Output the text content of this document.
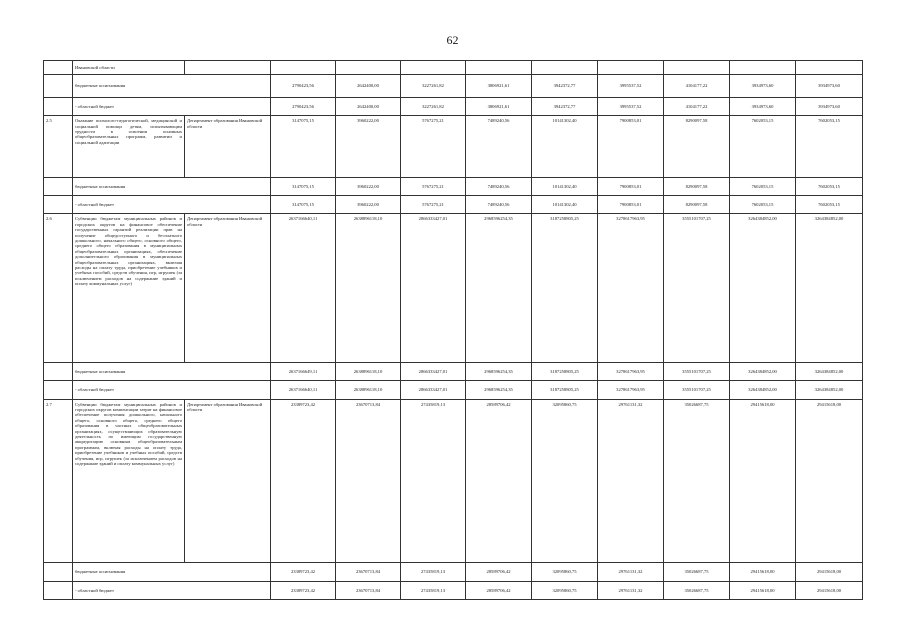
62
	Ивановской области										
	бюджетные ассигнования		2790423,56	2642400,00	3227261,82	3806921,61	3942372,77	3995537,52	4104177,22	3934973,60	3934973,60
	- областной бюджет		2790423,56	2642400,00	3227261,82	3806921,61	3942372,77	3995537,52	4104177,22	3934973,60	3934973,60
2.5	Оказание психолого-педагогической, медицинской и социальной помощи детям, испытывающим трудности в освоении основных общеобразовательных программ, развитии и социальной адаптации	Департамент образования Ивановской области	3147075,15	3960222,00	5767275,21	7489240,56	10141302,40	7900853,01	8290097,58	7602053,15	7602053,15
	бюджетные ассигнования		3147075,15	3960222,00	5767275,21	7489240,56	10141302,40	7900853,01	8290097,58	7602053,15	7602053,15
	- областной бюджет		3147075,15	3960222,00	5767275,21	7489240,56	10141302,40	7900853,01	8290097,58	7602053,15	7602053,15
2.6	Субвенции бюджетам муниципальных районов и городских округов на финансовое обеспечение государственных гарантий реализации прав на получение общедоступного и бесплатного дошкольного, начального общего, основного общего, среднего общего образования в муниципальных общеобразовательных организациях, обеспечение дополнительного образования в муниципальных общеобразовательных организациях, включая расходы на оплату труда, приобретение учебников и учебных пособий, средств обучения, игр, игрушек (за исключением расходов на содержание зданий и оплату коммунальных услуг)	Департамент образования Ивановской области	2637166640,11	2638896118,10	2866333427,01	2968596254,35	3187258805,25	3278617963,95	3555101707,25	3264384852,00	3264384852,00
	бюджетные ассигнования		2637166649,11	2638896118,10	2866333427,01	2968596254,35	3187258805,25	3278617963,95	3555101707,25	3264384852,00	3264384852,00
	- областной бюджет		2637166640,11	2638896118,10	2866333427,01	2968596254,35	3187258805,25	3278617963,95	3555101707,25	3264384852,00	3264384852,00
2.7	Субвенции бюджетам муниципальных районов и городских округов компенсации затрат на финансовое обеспечение получения дошкольного, начального общего, основного общего, среднего общего образования в частных общеобразовательных организациях, осуществляющих образовательную деятельность по имеющим государственную аккредитацию основным общеобразовательным программам, включая расходы на оплату труда, приобретение учебников и учебных пособий, средств обучения, игр, игрушек (за исключением расходов на содержание зданий и оплату коммунальных услуг)	Департамент образования Ивановской области	23389723,42	23670713,84	27435819,13	28589706,42	32095860,75	29761131,32	35026687,75	29415618,00	29415618,00
	бюджетные ассигнования		23389723,42	23670713,84	27435819,13	28589706,42	32095860,75	29761131,32	35026687,75	29415618,00	29415618,00
	- областной бюджет		23389723,42	23670713,84	27435819,13	28589706,42	32095860,75	29761131,32	35026687,75	29415618,00	29415618,00
